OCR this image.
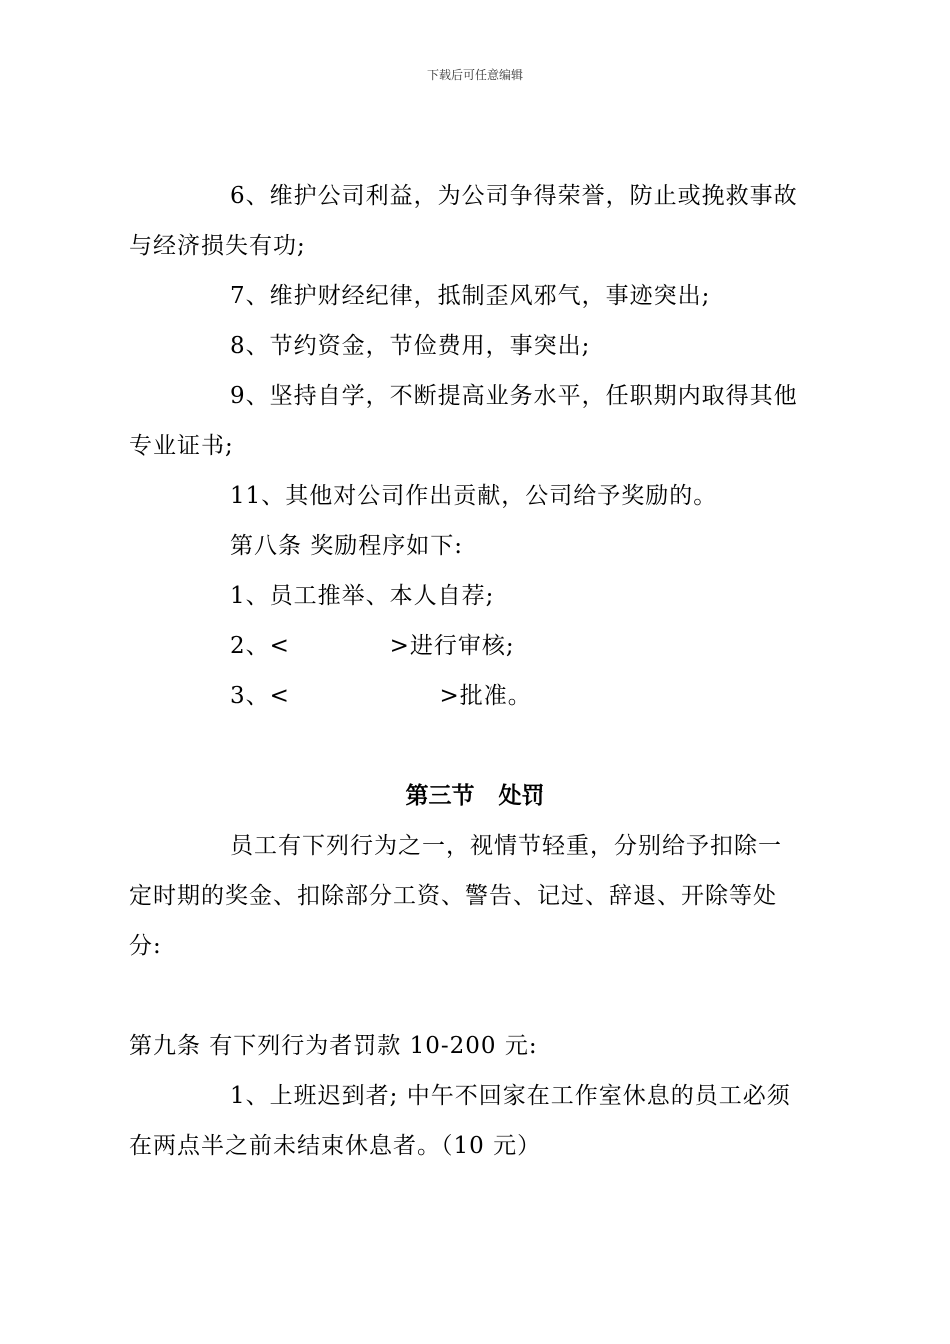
下载后可任意编辑
6、维护公司利益，为公司争得荣誉，防止或挽救事故
与经济损失有功;
7、维护财经纪律，抵制歪风邪气，事迹突出;
8、节约资金，节俭费用，事突出;
9、坚持自学，不断提高业务水平，任职期内取得其他
专业证书;
11、其他对公司作出贡献，公司给予奖励的。
第八条 奖励程序如下:
1、员工推举、本人自荐;
2、<            >进行审核;
3、<                  >批准。
第三节   处罚
员工有下列行为之一，视情节轻重，分别给予扣除一
定时期的奖金、扣除部分工资、警告、记过、辞退、开除等处
分:
第九条 有下列行为者罚款 10-200 元:
1、上班迟到者; 中午不回家在工作室休息的员工必须
在两点半之前未结束休息者。（10 元）
